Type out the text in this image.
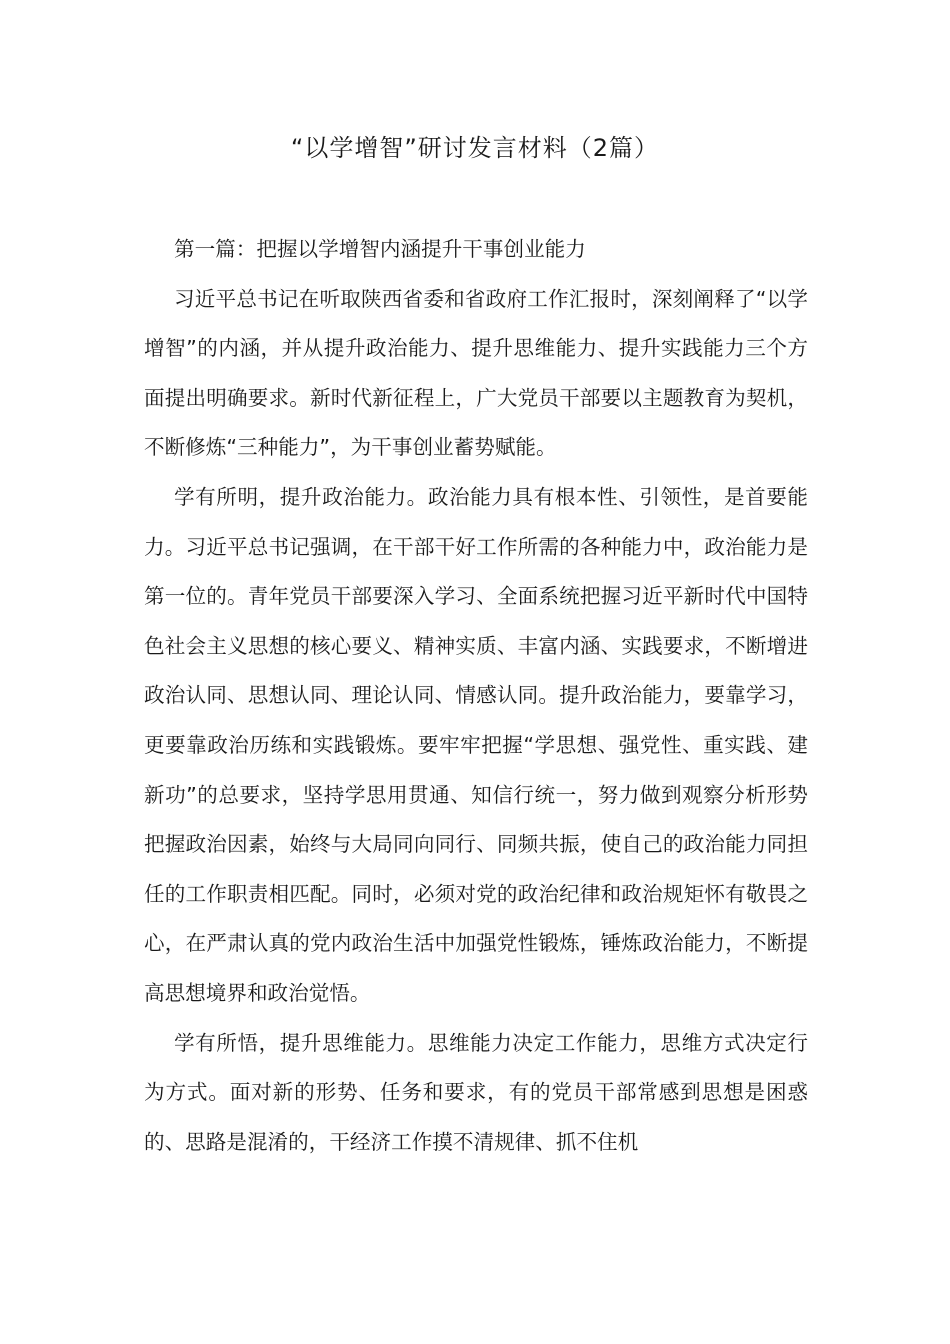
“以学增智”研讨发言材料（2篇）

第一篇：把握以学增智内涵提升干事创业能力

习近平总书记在听取陕西省委和省政府工作汇报时，深刻阐释了“以学增智”的内涵，并从提升政治能力、提升思维能力、提升实践能力三个方面提出明确要求。新时代新征程上，广大党员干部要以主题教育为契机，不断修炼“三种能力”，为干事创业蓄势赋能。

学有所明，提升政治能力。政治能力具有根本性、引领性，是首要能力。习近平总书记强调，在干部干好工作所需的各种能力中，政治能力是第一位的。青年党员干部要深入学习、全面系统把握习近平新时代中国特色社会主义思想的核心要义、精神实质、丰富内涵、实践要求，不断增进政治认同、思想认同、理论认同、情感认同。提升政治能力，要靠学习，更要靠政治历练和实践锻炼。要牢牢把握“学思想、强党性、重实践、建新功”的总要求，坚持学思用贯通、知信行统一，努力做到观察分析形势把握政治因素，始终与大局同向同行、同频共振，使自己的政治能力同担任的工作职责相匹配。同时，必须对党的政治纪律和政治规矩怀有敬畏之心，在严肃认真的党内政治生活中加强党性锻炼，锤炼政治能力，不断提高思想境界和政治觉悟。

学有所悟，提升思维能力。思维能力决定工作能力，思维方式决定行为方式。面对新的形势、任务和要求，有的党员干部常感到思想是困惑的、思路是混淆的，干经济工作摸不清规律、抓不住机
